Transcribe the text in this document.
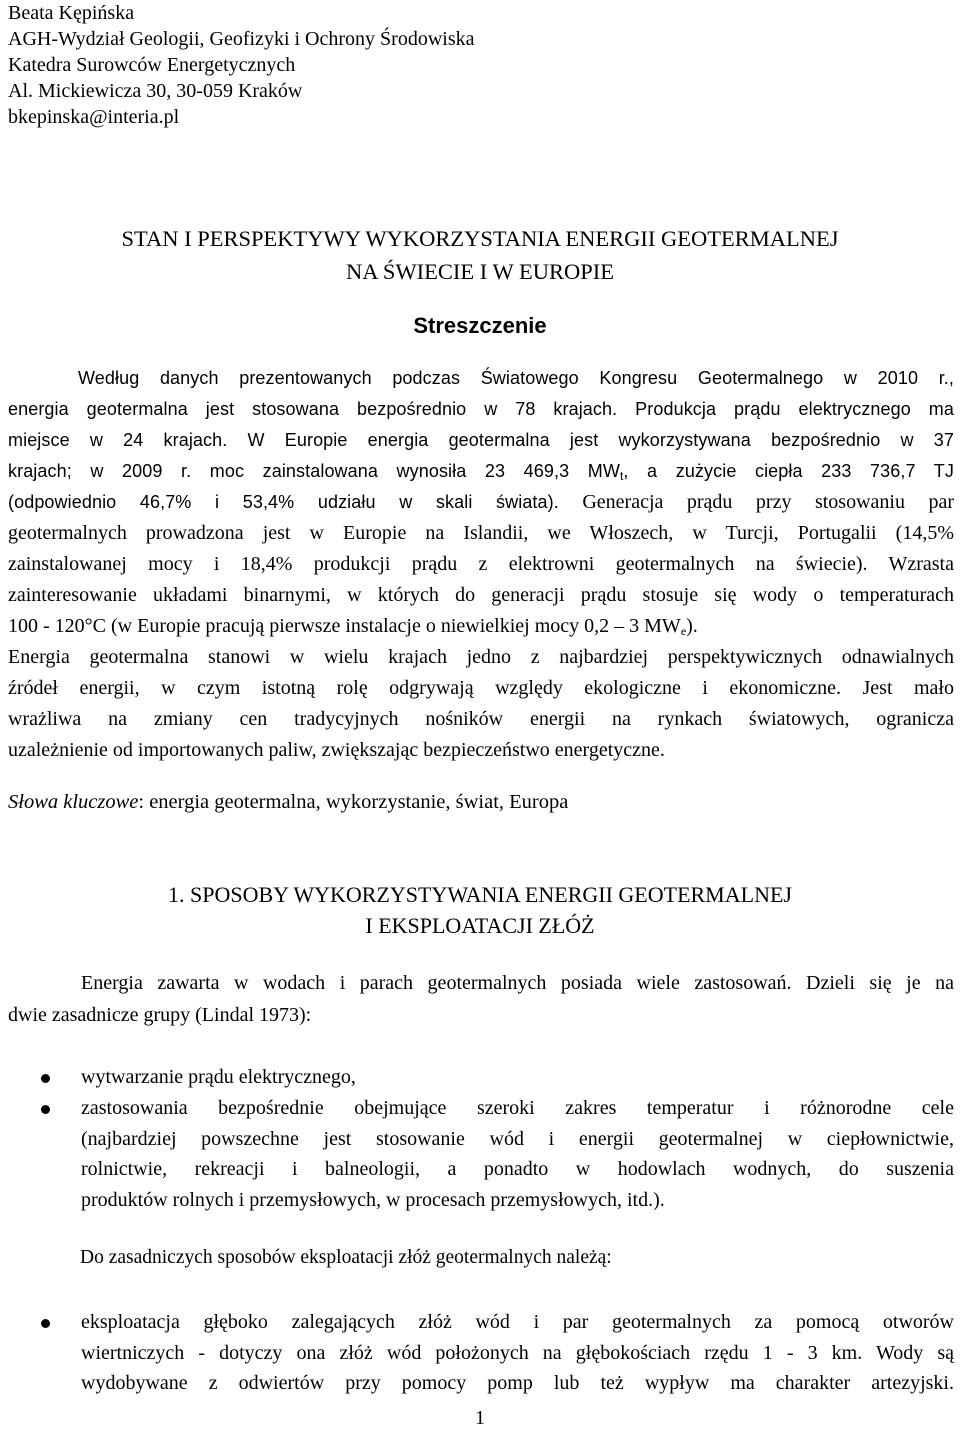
Beata Kępińska
AGH-Wydział Geologii, Geofizyki i Ochrony Środowiska
Katedra Surowców Energetycznych
Al. Mickiewicza 30, 30-059 Kraków
bkepinska@interia.pl
STAN I PERSPEKTYWY WYKORZYSTANIA ENERGII GEOTERMALNEJ
NA ŚWIECIE I W EUROPIE
Streszczenie
Według danych prezentowanych podczas Światowego Kongresu Geotermalnego w 2010 r.,
energia geotermalna jest stosowana bezpośrednio w 78 krajach. Produkcja prądu elektrycznego ma
miejsce w 24 krajach. W Europie energia geotermalna jest wykorzystywana bezpośrednio w 37
krajach; w 2009 r. moc zainstalowana wynosiła 23 469,3 $MW_t$, a zużycie ciepła 233 736,7 TJ
(odpowiednio 46,7% i 53,4% udziału w skali świata). Generacja prądu przy stosowaniu par
geotermalnych prowadzona jest w Europie na Islandii, we Włoszech, w Turcji, Portugalii (14,5%
zainstalowanej mocy i 18,4% produkcji prądu z elektrowni geotermalnych na świecie). Wzrasta
zainteresowanie układami binarnymi, w których do generacji prądu stosuje się wody o temperaturach
100 - 120°C (w Europie pracują pierwsze instalacje o niewielkiej mocy 0,2 – 3 $MW_e$).
Energia geotermalna stanowi w wielu krajach jedno z najbardziej perspektywicznych odnawialnych
źródeł energii, w czym istotną rolę odgrywają względy ekologiczne i ekonomiczne. Jest mało
wrażliwa na zmiany cen tradycyjnych nośników energii na rynkach światowych, ogranicza
uzależnienie od importowanych paliw, zwiększając bezpieczeństwo energetyczne.
Słowa kluczowe: energia geotermalna, wykorzystanie, świat, Europa
1. SPOSOBY WYKORZYSTYWANIA ENERGII GEOTERMALNEJ
I EKSPLOATACJI ZŁÓŻ
Energia zawarta w wodach i parach geotermalnych posiada wiele zastosowań. Dzieli się je na
dwie zasadnicze grupy (Lindal 1973):
wytwarzanie prądu elektrycznego,
zastosowania bezpośrednie obejmujące szeroki zakres temperatur i różnorodne cele
(najbardziej powszechne jest stosowanie wód i energii geotermalnej w ciepłownictwie,
rolnictwie, rekreacji i balneologii, a ponadto w hodowlach wodnych, do suszenia
produktów rolnych i przemysłowych, w procesach przemysłowych, itd.).
Do zasadniczych sposobów eksploatacji złóż geotermalnych należą:
eksploatacja głęboko zalegających złóż wód i par geotermalnych za pomocą otworów
wiertniczych - dotyczy ona złóż wód położonych na głębokościach rzędu 1 - 3 km. Wody są
wydobywane z odwiertów przy pomocy pomp lub też wypływ ma charakter artezyjski.
1
